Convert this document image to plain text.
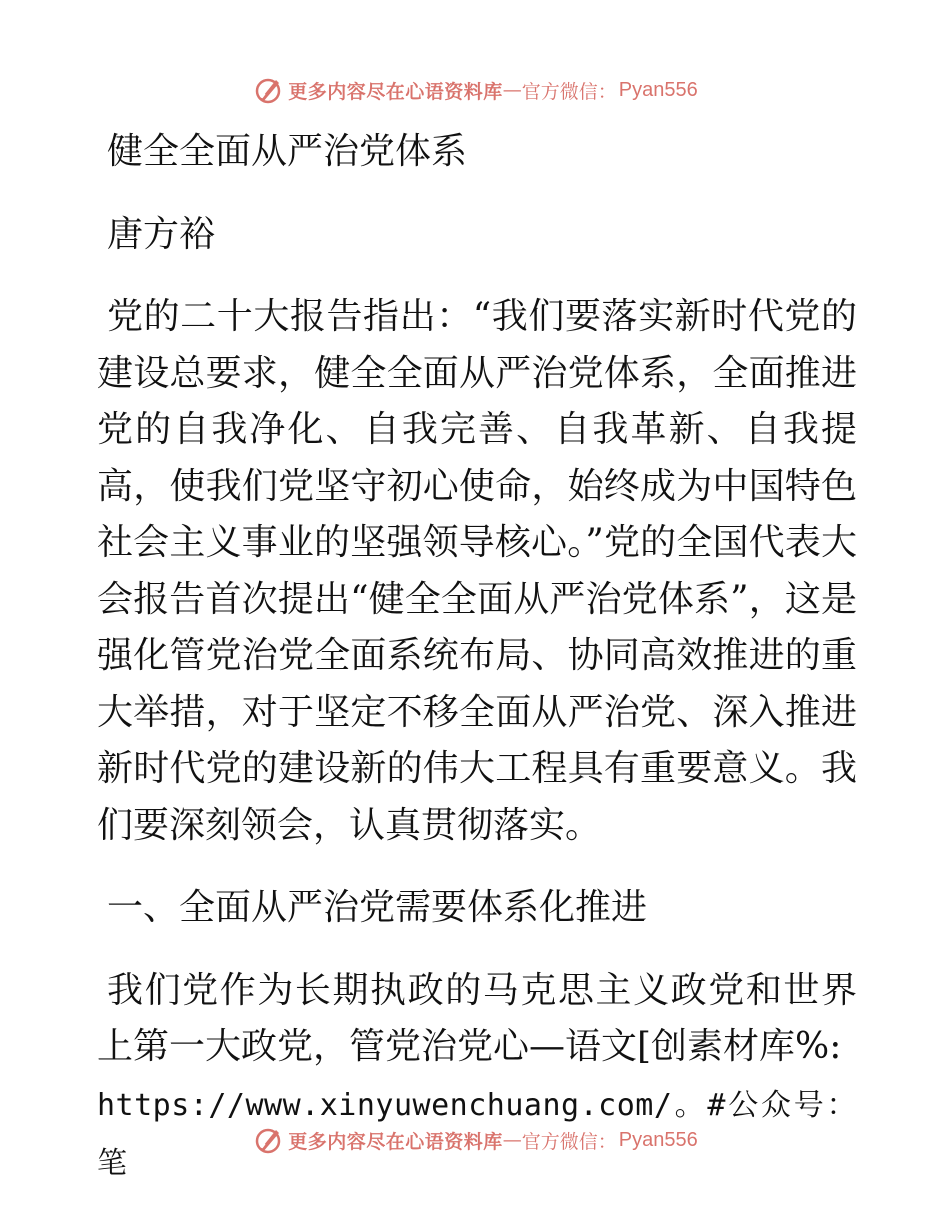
更多内容尽在心语资料库 — 官方微信： Pyan556

健全全面从严治党体系

唐方裕

党的二十大报告指出：“我们要落实新时代党的建设总要求，健全全面从严治党体系，全面推进党的自我净化、自我完善、自我革新、自我提高，使我们党坚守初心使命，始终成为中国特色社会主义事业的坚强领导核心。”党的全国代表大会报告首次提出“健全全面从严治党体系”，这是强化管党治党全面系统布局、协同高效推进的重大举措，对于坚定不移全面从严治党、深入推进新时代党的建设新的伟大工程具有重要意义。我们要深刻领会，认真贯彻落实。

一、全面从严治党需要体系化推进

我们党作为长期执政的马克思主义政党和世界上第一大政党，管党治党心—语文[创素材库%:
https://www.xinyuwenchuang.com/。#公众号：笔

更多内容尽在心语资料库 — 官方微信： Pyan556
